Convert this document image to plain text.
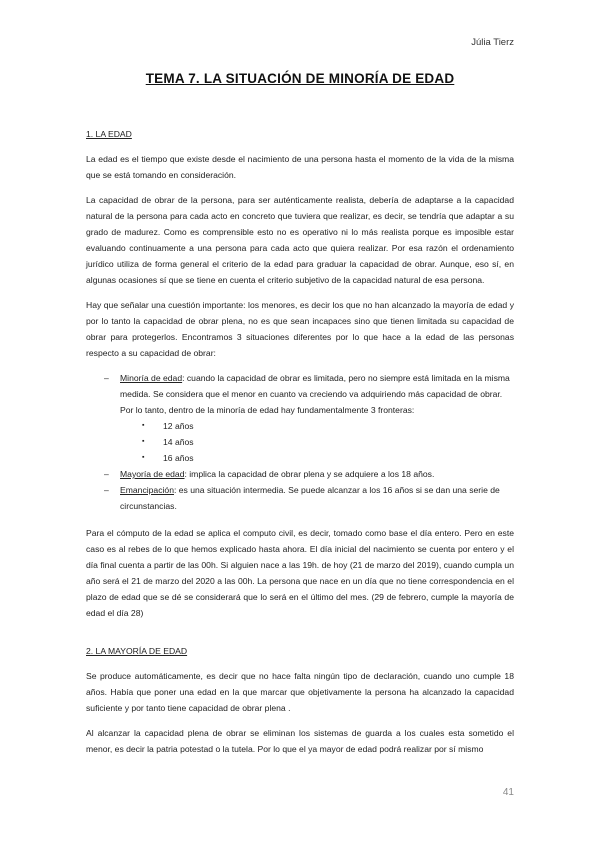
Júlia Tierz
TEMA 7. LA SITUACIÓN DE MINORÍA DE EDAD
1. LA EDAD

La edad es el tiempo que existe desde el nacimiento de una persona hasta el momento de la vida de la misma que se está tomando en consideración.

La capacidad de obrar de la persona, para ser auténticamente realista, debería de adaptarse a la capacidad natural de la persona para cada acto en concreto que tuviera que realizar, es decir, se tendría que adaptar a su grado de madurez. Como es comprensible esto no es operativo ni lo más realista porque es imposible estar evaluando continuamente a una persona para cada acto que quiera realizar. Por esa razón el ordenamiento jurídico utiliza de forma general el criterio de la edad para graduar la capacidad de obrar. Aunque, eso sí, en algunas ocasiones sí que se tiene en cuenta el criterio subjetivo de la capacidad natural de esa persona.

Hay que señalar una cuestión importante: los menores, es decir los que no han alcanzado la mayoría de edad y por lo tanto la capacidad de obrar plena, no es que sean incapaces sino que tienen limitada su capacidad de obrar para protegerlos. Encontramos 3 situaciones diferentes por lo que hace a la edad de las personas respecto a su capacidad de obrar:

– Minoría de edad: cuando la capacidad de obrar es limitada, pero no siempre está limitada en la misma medida. Se considera que el menor en cuanto va creciendo va adquiriendo más capacidad de obrar. Por lo tanto, dentro de la minoría de edad hay fundamentalmente 3 fronteras:
▪ 12 años
▪ 14 años
▪ 16 años
– Mayoría de edad: implica la capacidad de obrar plena y se adquiere a los 18 años.
– Emancipación: es una situación intermedia. Se puede alcanzar a los 16 años si se dan una serie de circunstancias.

Para el cómputo de la edad se aplica el computo civil, es decir, tomado como base el día entero. Pero en este caso es al rebes de lo que hemos explicado hasta ahora. El día inicial del nacimiento se cuenta por entero y el día final cuenta a partir de las 00h. Si alguien nace a las 19h. de hoy (21 de marzo del 2019), cuando cumpla un año será el 21 de marzo del 2020 a las 00h. La persona que nace en un día que no tiene correspondencia en el plazo de edad que se dé se considerará que lo será en el último del mes. (29 de febrero, cumple la mayoría de edad el día 28)

2. LA MAYORÍA DE EDAD

Se produce automáticamente, es decir que no hace falta ningún tipo de declaración, cuando uno cumple 18 años. Había que poner una edad en la que marcar que objetivamente la persona ha alcanzado la capacidad suficiente y por tanto tiene capacidad de obrar plena .

Al alcanzar la capacidad plena de obrar se eliminan los sistemas de guarda a los cuales esta sometido el menor, es decir la patria potestad o la tutela. Por lo que el ya mayor de edad podrá realizar por sí mismo

41
